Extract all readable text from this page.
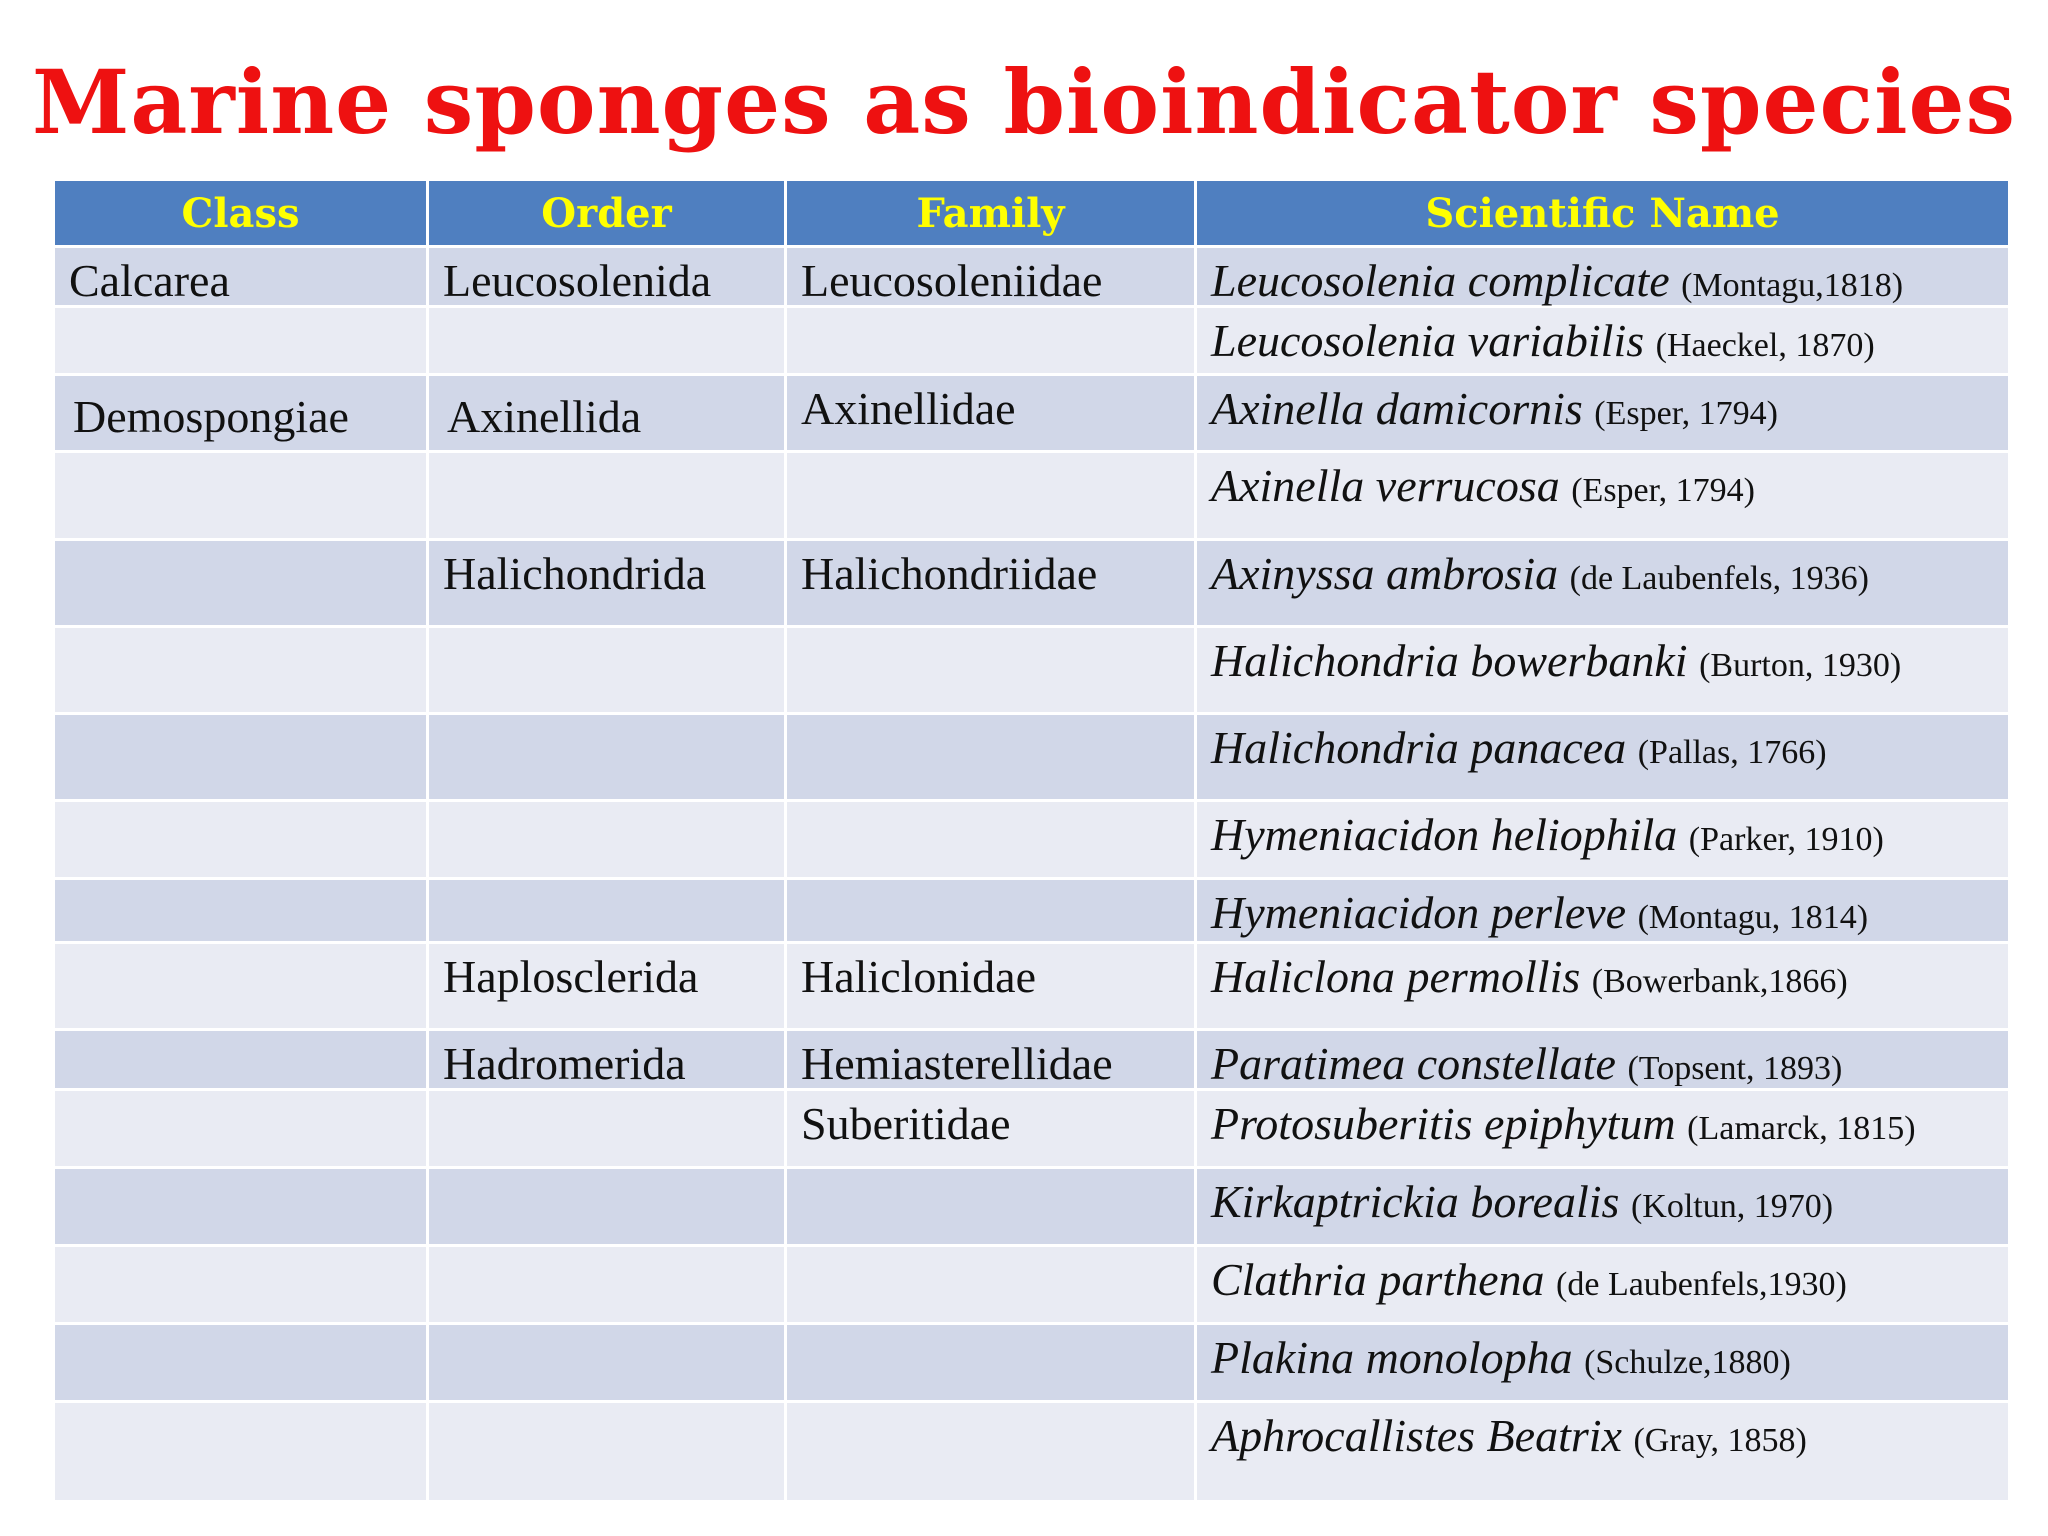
Marine sponges as bioindicator species
Class	Order	Family	Scientific Name

Calcarea	Leucosolenida	Leucosoleniidae	Leucosolenia complicate (Montagu,1818)

			Leucosolenia variabilis (Haeckel, 1870)

Demospongiae	Axinellida	Axinellidae	Axinella damicornis (Esper, 1794)

			Axinella verrucosa (Esper, 1794)

	Halichondrida	Halichondriidae	Axinyssa ambrosia (de Laubenfels, 1936)

			Halichondria bowerbanki (Burton, 1930)

			Halichondria panacea (Pallas, 1766)

			Hymeniacidon heliophila (Parker, 1910)

			Hymeniacidon perleve (Montagu, 1814)

	Haplosclerida	Haliclonidae	Haliclona permollis (Bowerbank,1866)

	Hadromerida	Hemiasterellidae	Paratimea constellate (Topsent, 1893)

		Suberitidae	Protosuberitis epiphytum (Lamarck, 1815)

			Kirkaptrickia borealis (Koltun, 1970)

			Clathria parthena (de Laubenfels,1930)

			Plakina monolopha (Schulze,1880)

			Aphrocallistes Beatrix (Gray, 1858)
